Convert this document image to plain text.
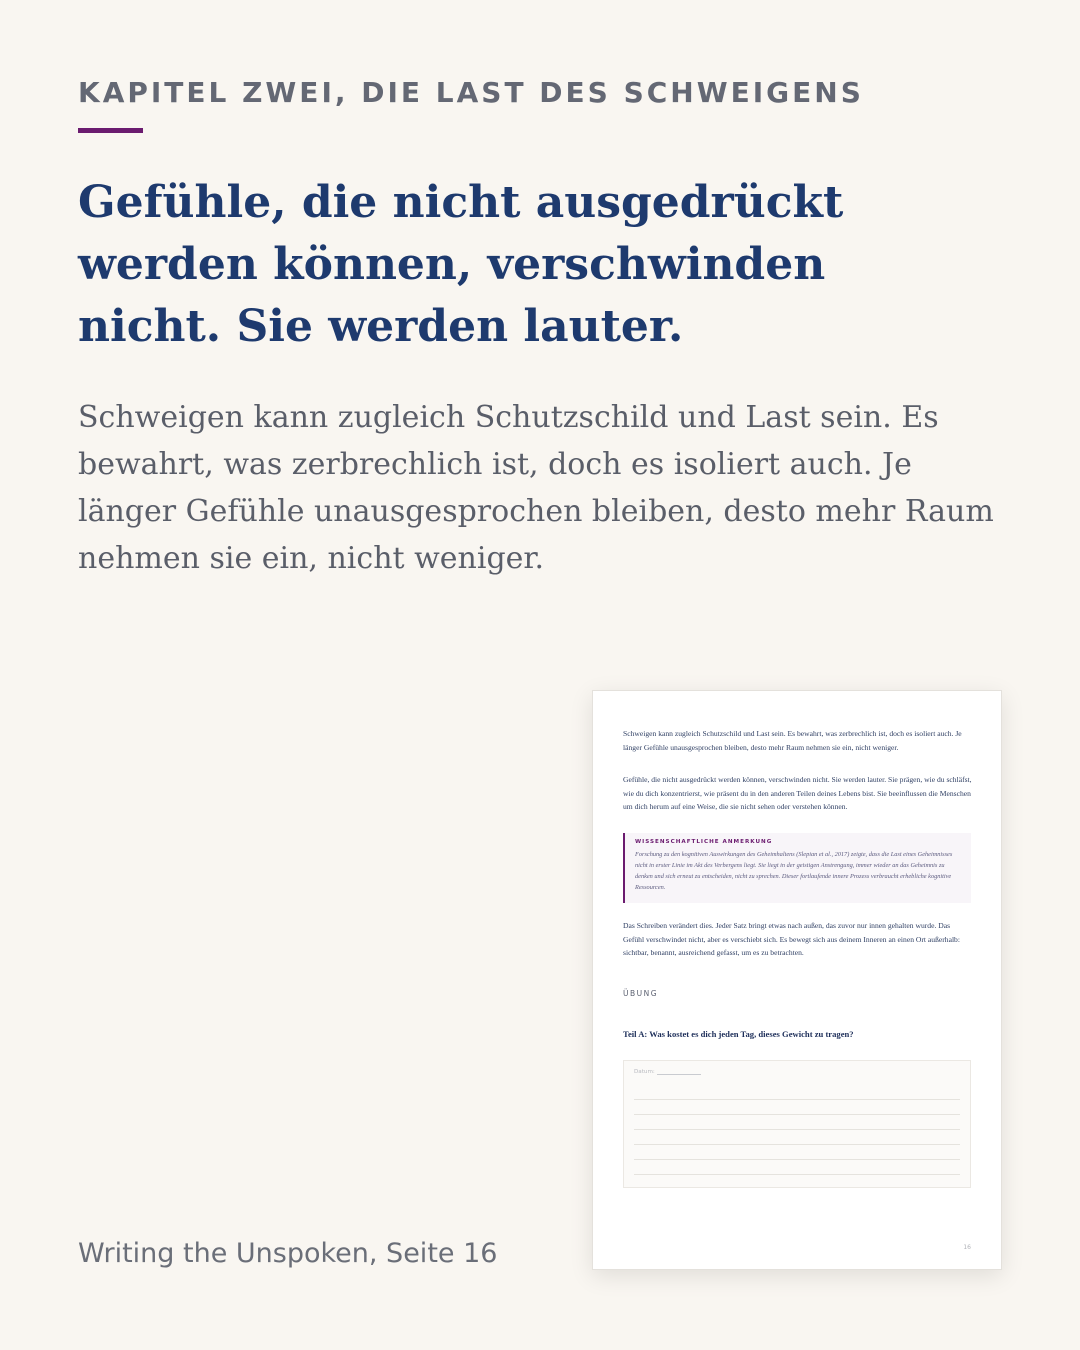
KAPITEL ZWEI, DIE LAST DES SCHWEIGENS
Gefühle, die nicht ausgedrückt werden können, verschwinden nicht. Sie werden lauter.

Schweigen kann zugleich Schutzschild und Last sein. Es bewahrt, was zerbrechlich ist, doch es isoliert auch. Je länger Gefühle unausgesprochen bleiben, desto mehr Raum nehmen sie ein, nicht weniger.

Writing the Unspoken, Seite 16

Schweigen kann zugleich Schutzschild und Last sein. Es bewahrt, was zerbrechlich ist, doch es isoliert auch. Je länger Gefühle unausgesprochen bleiben, desto mehr Raum nehmen sie ein, nicht weniger.

Gefühle, die nicht ausgedrückt werden können, verschwinden nicht. Sie werden lauter. Sie prägen, wie du schläfst, wie du dich konzentrierst, wie präsent du in den anderen Teilen deines Lebens bist. Sie beeinflussen die Menschen um dich herum auf eine Weise, die sie nicht sehen oder verstehen können.

WISSENSCHAFTLICHE ANMERKUNG

Forschung zu den kognitiven Auswirkungen des Geheimhaltens (Slepian et al., 2017) zeigte, dass die Last eines Geheimnisses nicht in erster Linie im Akt des Verbergens liegt. Sie liegt in der geistigen Anstrengung, immer wieder an das Geheimnis zu denken und sich erneut zu entscheiden, nicht zu sprechen. Dieser fortlaufende innere Prozess verbraucht erhebliche kognitive Ressourcen.

Das Schreiben verändert dies. Jeder Satz bringt etwas nach außen, das zuvor nur innen gehalten wurde. Das Gefühl verschwindet nicht, aber es verschiebt sich. Es bewegt sich aus deinem Inneren an einen Ort außerhalb: sichtbar, benannt, ausreichend gefasst, um es zu betrachten.

ÜBUNG
Teil A: Was kostet es dich jeden Tag, dieses Gewicht zu tragen?
Datum:
16
